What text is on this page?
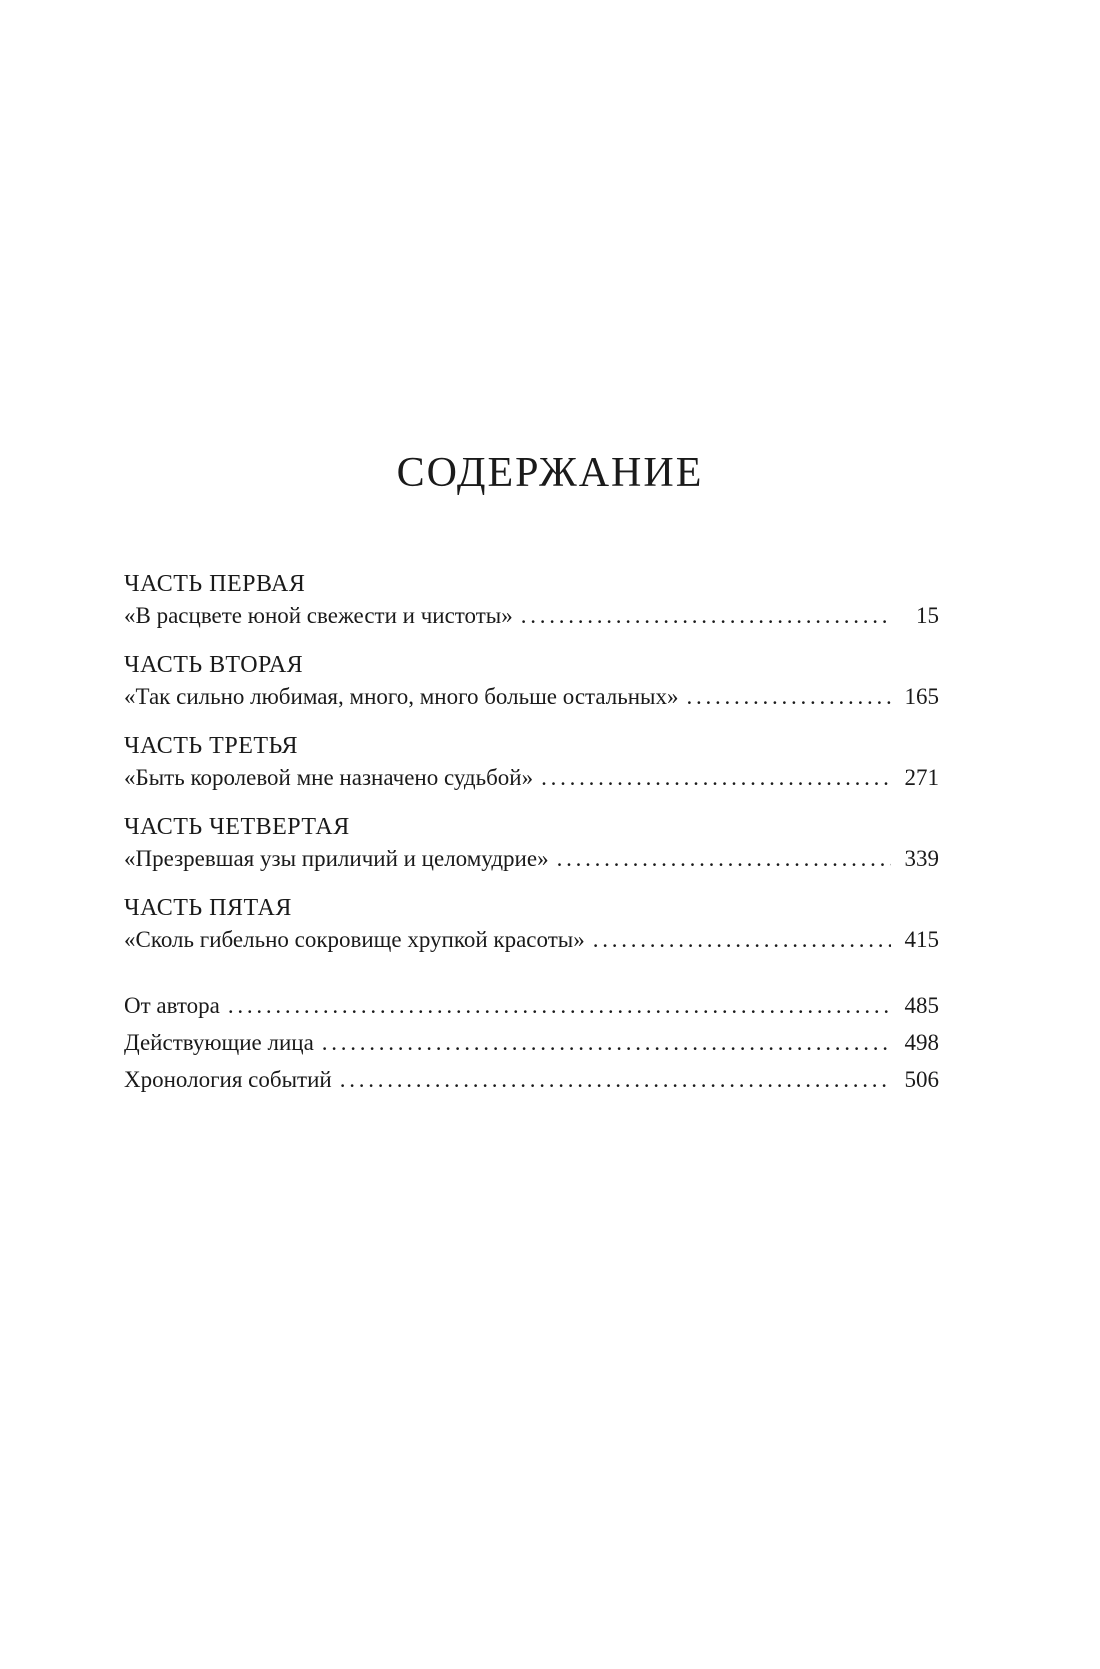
СОДЕРЖАНИЕ

ЧАСТЬ ПЕРВАЯ

«В расцвете юной свежести и чистоты» . . .	15

ЧАСТЬ ВТОРАЯ

«Так сильно любимая, много, много больше остальных» . . .	165

ЧАСТЬ ТРЕТЬЯ

«Быть королевой мне назначено судьбой» . . .	271

ЧАСТЬ ЧЕТВЕРТАЯ

«Презревшая узы приличий и целомудрие» . . .	339

ЧАСТЬ ПЯТАЯ

«Сколь гибельно сокровище хрупкой красоты» . . .	415
От автора . . .	485
Действующие лица . . .	498
Хронология событий . . .	506
